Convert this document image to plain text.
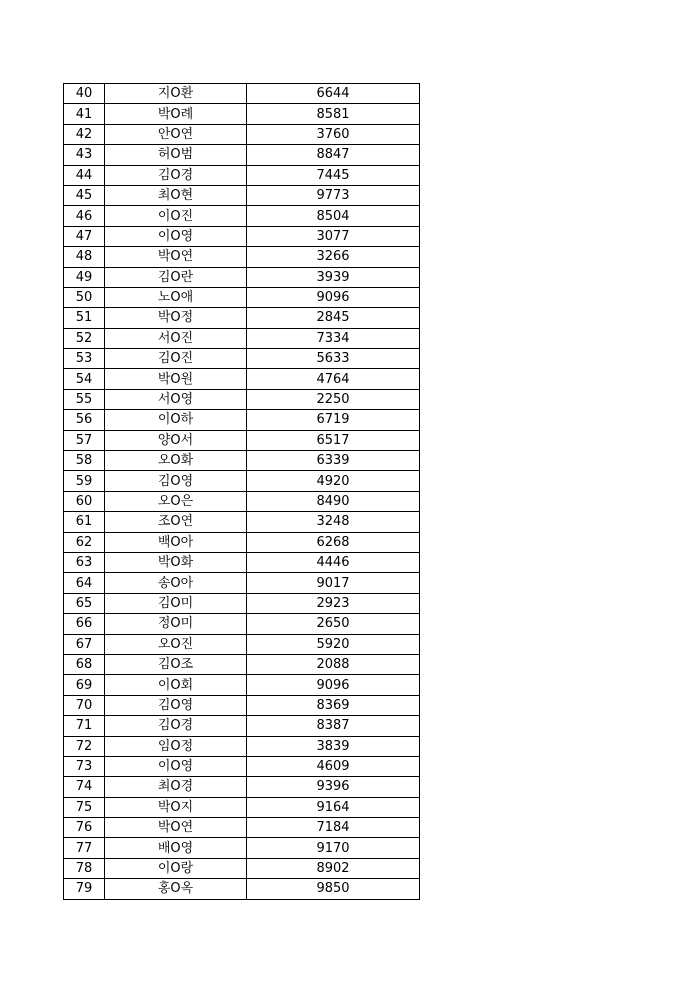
40	지O환	6644
41	박O례	8581
42	안O연	3760
43	허O범	8847
44	김O경	7445
45	최O현	9773
46	이O진	8504
47	이O영	3077
48	박O연	3266
49	김O란	3939
50	노O애	9096
51	박O정	2845
52	서O진	7334
53	김O진	5633
54	박O원	4764
55	서O영	2250
56	이O하	6719
57	양O서	6517
58	오O화	6339
59	김O영	4920
60	오O은	8490
61	조O연	3248
62	백O아	6268
63	박O화	4446
64	송O아	9017
65	김O미	2923
66	정O미	2650
67	오O진	5920
68	김O조	2088
69	이O회	9096
70	김O영	8369
71	김O경	8387
72	임O정	3839
73	이O영	4609
74	최O경	9396
75	박O지	9164
76	박O연	7184
77	배O영	9170
78	이O랑	8902
79	홍O옥	9850
